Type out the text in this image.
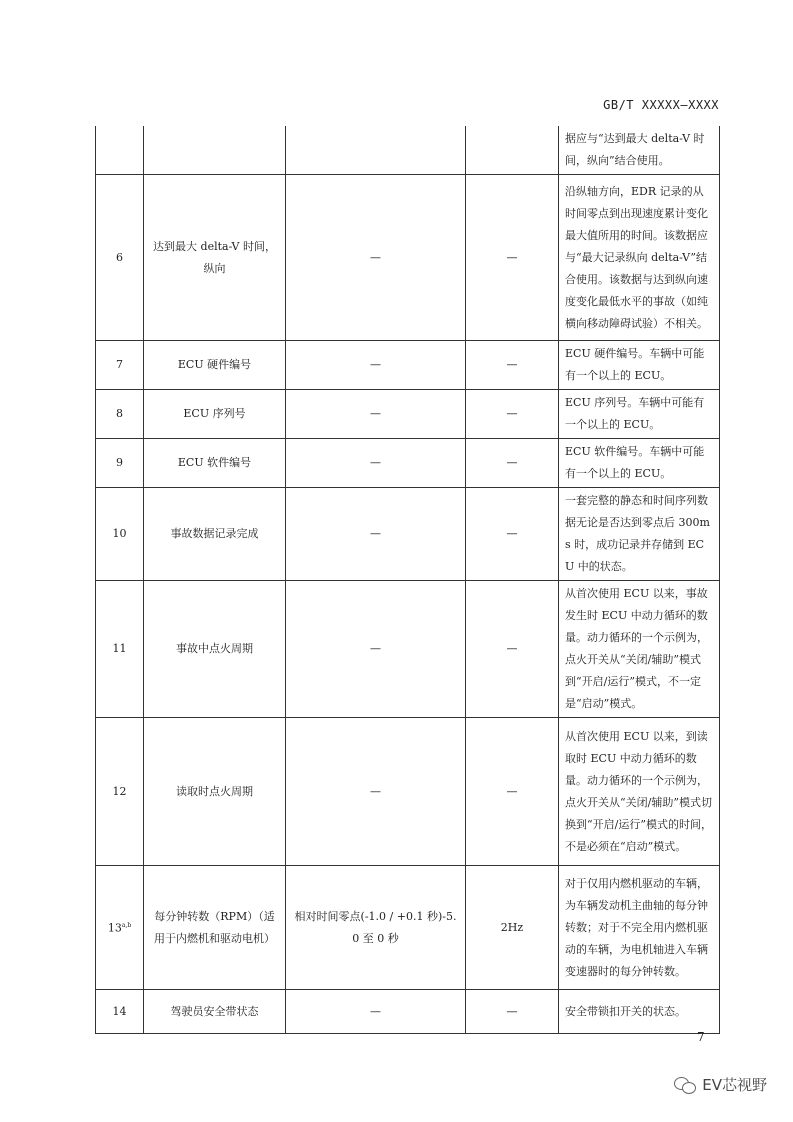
GB/T XXXXX—XXXX
				据应与“达到最大 delta-V 时间，纵向”结合使用。
6	达到最大 delta-V 时间，纵向	—	—	沿纵轴方向，EDR 记录的从时间零点到出现速度累计变化最大值所用的时间。该数据应与“最大记录纵向 delta-V”结合使用。该数据与达到纵向速度变化最低水平的事故（如纯横向移动障碍试验）不相关。
7	ECU 硬件编号	—	—	ECU 硬件编号。车辆中可能有一个以上的 ECU。
8	ECU 序列号	—	—	ECU 序列号。车辆中可能有一个以上的 ECU。
9	ECU 软件编号	—	—	ECU 软件编号。车辆中可能有一个以上的 ECU。
10	事故数据记录完成	—	—	一套完整的静态和时间序列数据无论是否达到零点后 300ms 时，成功记录并存储到 ECU 中的状态。
11	事故中点火周期	—	—	从首次使用 ECU 以来，事故发生时 ECU 中动力循环的数量。动力循环的一个示例为，点火开关从“关闭/辅助”模式到“开启/运行”模式，不一定是“启动”模式。
12	读取时点火周期	—	—	从首次使用 ECU 以来，到读取时 ECU 中动力循环的数量。动力循环的一个示例为，点火开关从“关闭/辅助”模式切换到“开启/运行”模式的时间，不是必须在“启动”模式。
13$^{a,b}$	每分钟转数（RPM）（适用于内燃机和驱动电机）	相对时间零点(-1.0 / +0.1 秒)-5.0 至 0 秒	2Hz	对于仅用内燃机驱动的车辆，为车辆发动机主曲轴的每分钟转数；对于不完全用内燃机驱动的车辆，为电机轴进入车辆变速器时的每分钟转数。
14	驾驶员安全带状态	—	—	安全带锁扣开关的状态。
7
EV芯视野
